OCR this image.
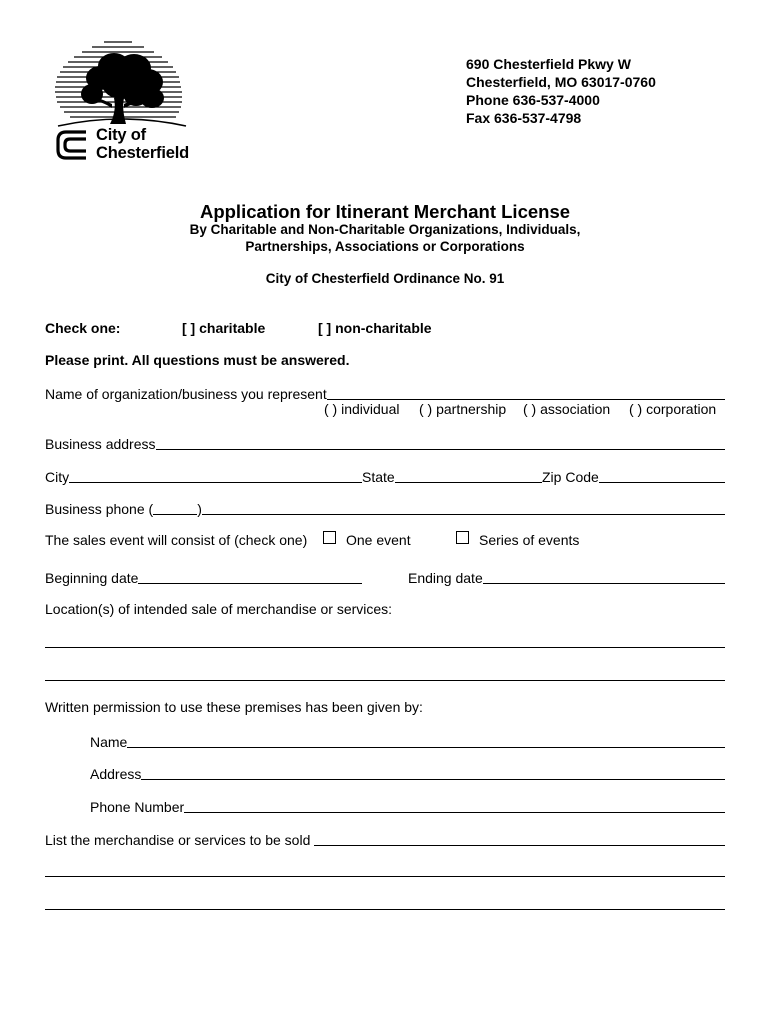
City of
Chesterfield
690 Chesterfield Pkwy W
Chesterfield, MO 63017-0760
Phone 636-537-4000
Fax 636-537-4798
Application for Itinerant Merchant License
By Charitable and Non-Charitable Organizations, Individuals,
Partnerships, Associations or Corporations
City of Chesterfield Ordinance No. 91
Check one:	[ ] charitable	[ ] non-charitable
Please print. All questions must be answered.
Name of organization/business you represent
( ) individual ( ) partnership ( ) association ( ) corporation
Business address
City	State	Zip Code
Business phone (	)
The sales event will consist of (check one)	One event	Series of events
Beginning date	Ending date
Location(s) of intended sale of merchandise or services:
Written permission to use these premises has been given by:
Name
Address
Phone Number
List the merchandise or services to be sold
